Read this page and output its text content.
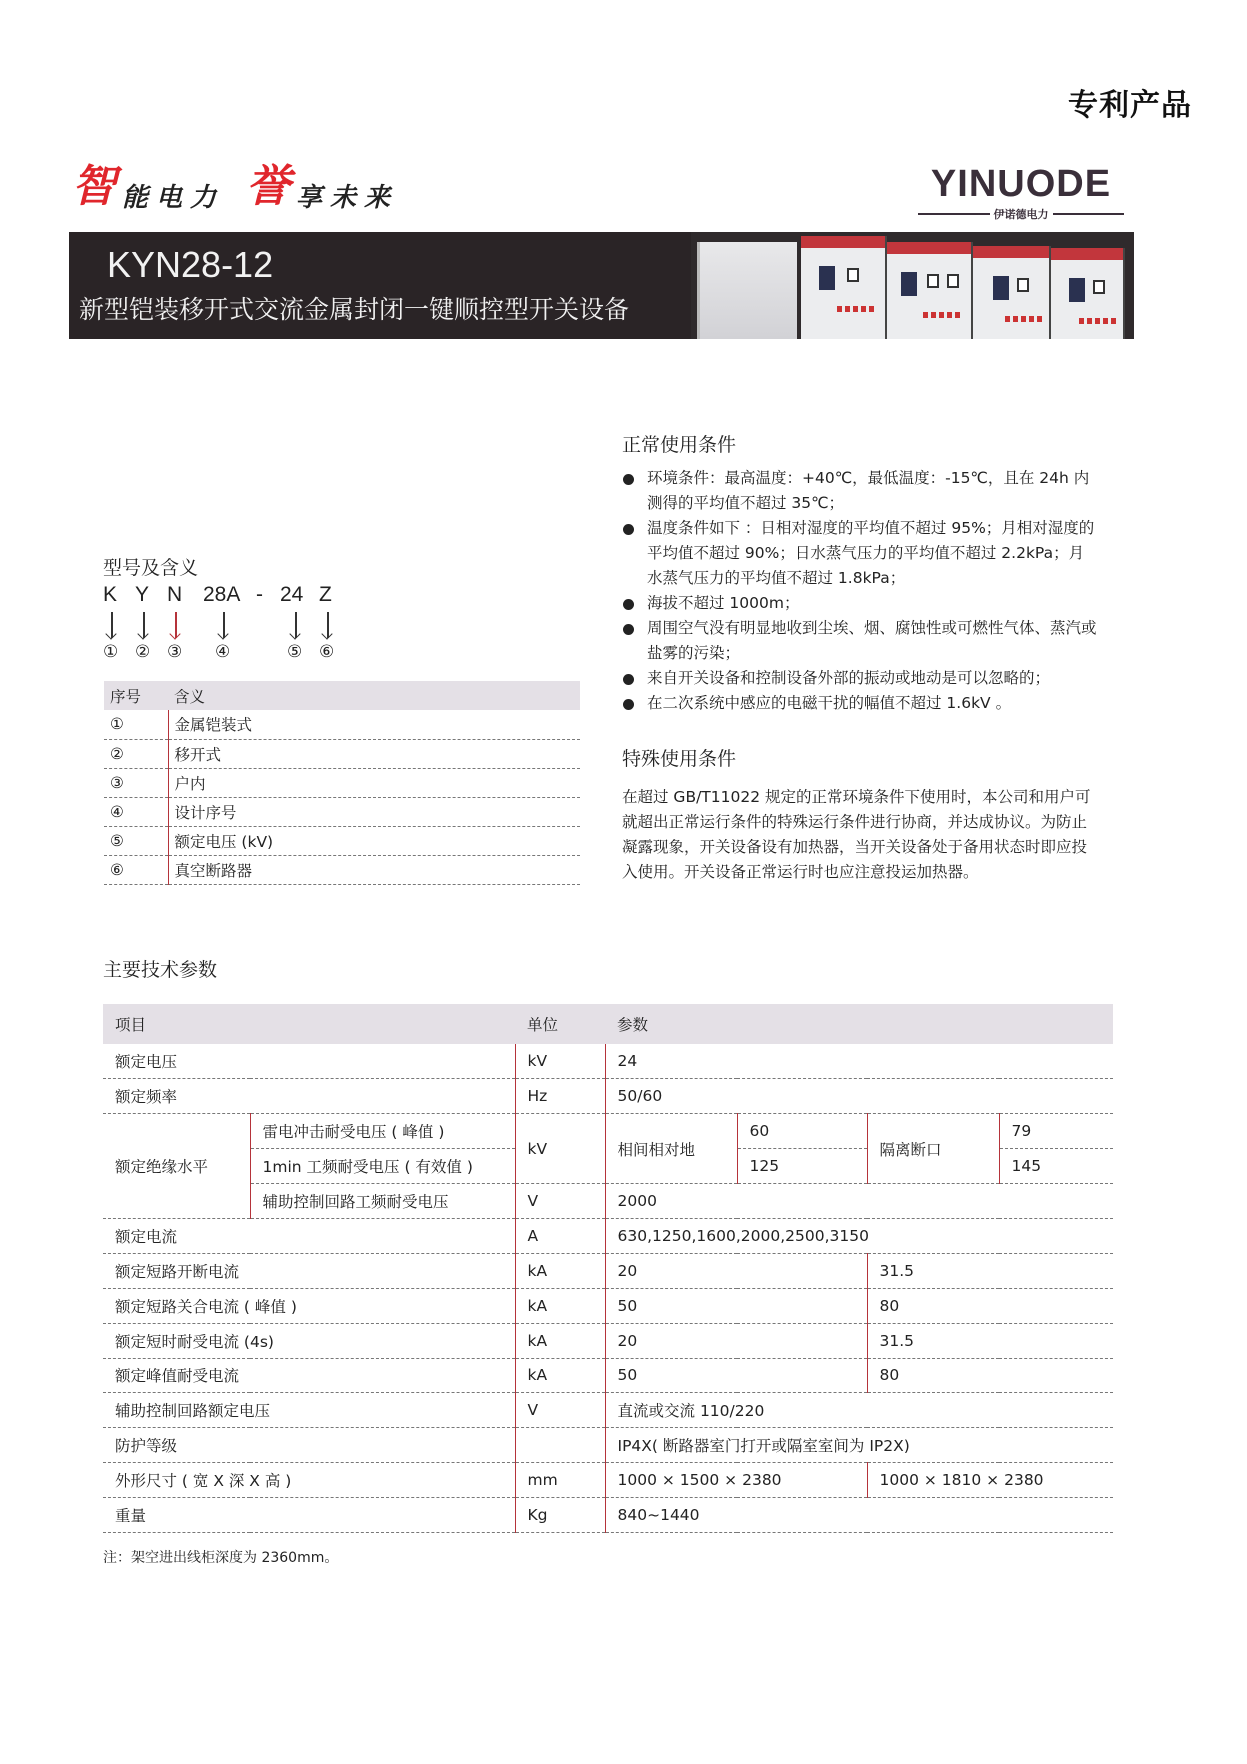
专利产品
智 能电力 誉 享未来	YINUODE
伊诺德电力
KYN28-12
新型铠装移开式交流金属封闭一键顺控型开关设备
正常使用条件
环境条件：最高温度：+40℃，最低温度：-15℃，且在 24h 内测得的平均值不超过 35℃；
温度条件如下 ：日相对湿度的平均值不超过 95%；月相对湿度的平均值不超过 90%；日水蒸气压力的平均值不超过 2.2kPa；月水蒸气压力的平均值不超过 1.8kPa；
海拔不超过 1000m；
周围空气没有明显地收到尘埃、烟、腐蚀性或可燃性气体、蒸汽或盐雾的污染；
来自开关设备和控制设备外部的振动或地动是可以忽略的；
在二次系统中感应的电磁干扰的幅值不超过 1.6kV 。
特殊使用条件
在超过 GB/T11022 规定的正常环境条件下使用时，本公司和用户可就超出正常运行条件的特殊运行条件进行协商，并达成协议。为防止凝露现象，开关设备设有加热器，当开关设备处于备用状态时即应投入使用。开关设备正常运行时也应注意投运加热器。
型号及含义
K Y N 28A - 24 Z
① ② ③ ④	⑤ ⑥
序号	含义
①	金属铠装式
②	移开式
③	户内
④	设计序号
⑤	额定电压 (kV)
⑥	真空断路器
主要技术参数
项目		单位	参数			
额定电压		kV	24			
额定频率		Hz	50/60			
额定绝缘水平	雷电冲击耐受电压 ( 峰值 )	kV	相间相对地	60	隔离断口	79
	1min 工频耐受电压 ( 有效值 )			125		145
	辅助控制回路工频耐受电压	V	2000			
额定电流		A	630,1250,1600,2000,2500,3150			
额定短路开断电流		kA	20		31.5	
额定短路关合电流 ( 峰值 )		kA	50		80	
额定短时耐受电流 (4s)		kA	20		31.5	
额定峰值耐受电流		kA	50		80	
辅助控制回路额定电压		V	直流或交流 110/220			
防护等级			IP4X( 断路器室门打开或隔室室间为 IP2X)			
外形尺寸 ( 宽 X 深 X 高 )		mm	1000 × 1500 × 2380		1000 × 1810 × 2380	
重量		Kg	840~1440			
注：架空进出线柜深度为 2360mm。
